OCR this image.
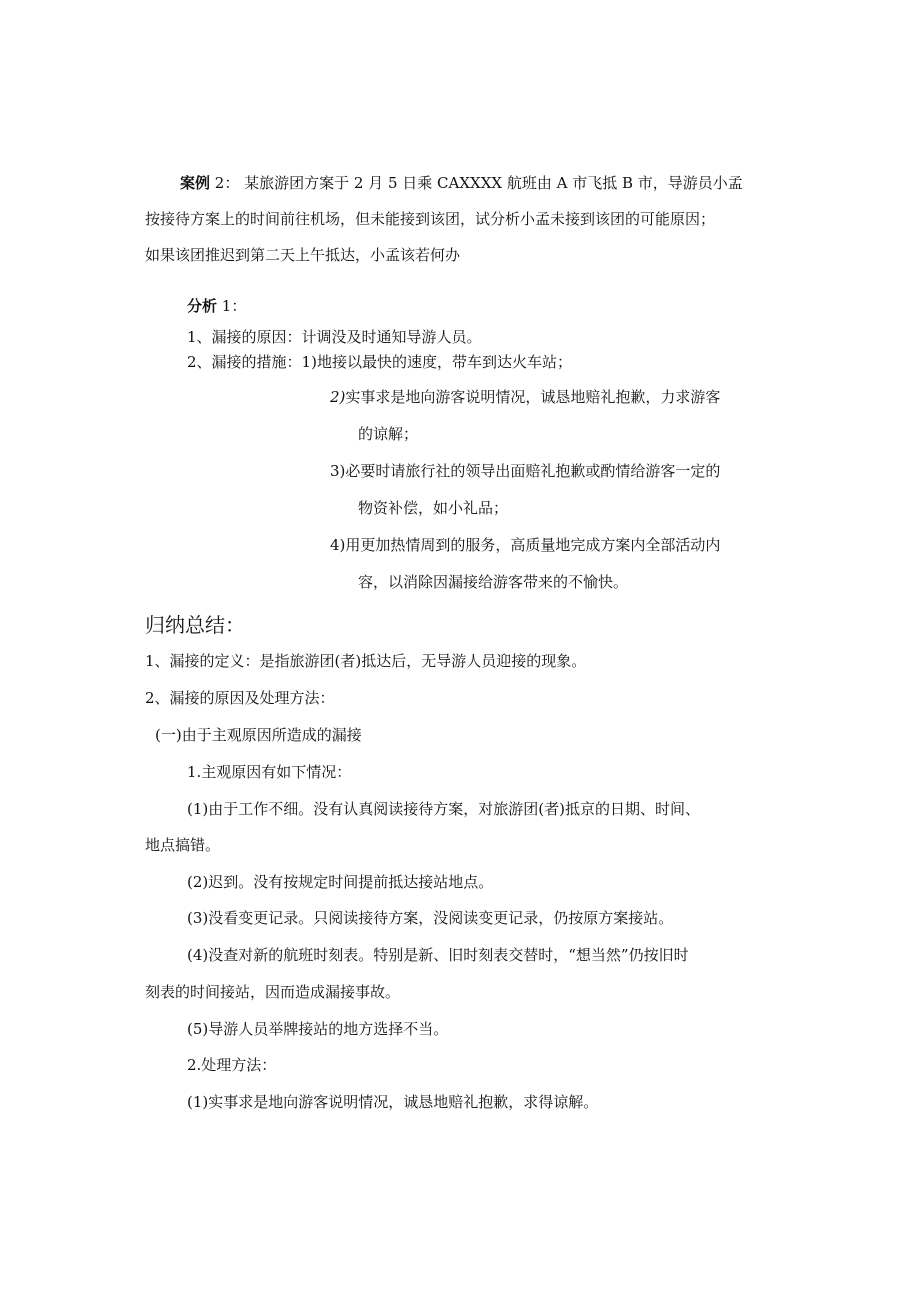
案例 2： 某旅游团方案于 2 月 5 日乘 CAXXXX 航班由 A 市飞抵 B 市，导游员小孟
按接待方案上的时间前往机场，但未能接到该团，试分析小孟未接到该团的可能原因；
如果该团推迟到第二天上午抵达，小孟该若何办
分析 1：
1、漏接的原因：计调没及时通知导游人员。
2、漏接的措施：1)地接以最快的速度，带车到达火车站；
2)实事求是地向游客说明情况，诚恳地赔礼抱歉，力求游客
的谅解；
3)必要时请旅行社的领导出面赔礼抱歉或酌情给游客一定的
物资补偿，如小礼品；
4)用更加热情周到的服务，高质量地完成方案内全部活动内
容，以消除因漏接给游客带来的不愉快。
归纳总结：
1、漏接的定义：是指旅游团(者)抵达后，无导游人员迎接的现象。
2、漏接的原因及处理方法：
(一)由于主观原因所造成的漏接
1.主观原因有如下情况：
(1)由于工作不细。没有认真阅读接待方案，对旅游团(者)抵京的日期、时间、
地点搞错。
(2)迟到。没有按规定时间提前抵达接站地点。
(3)没看变更记录。只阅读接待方案，没阅读变更记录，仍按原方案接站。
(4)没查对新的航班时刻表。特别是新、旧时刻表交替时，“想当然”仍按旧时
刻表的时间接站，因而造成漏接事故。
(5)导游人员举牌接站的地方选择不当。
2.处理方法：
(1)实事求是地向游客说明情况，诚恳地赔礼抱歉，求得谅解。
